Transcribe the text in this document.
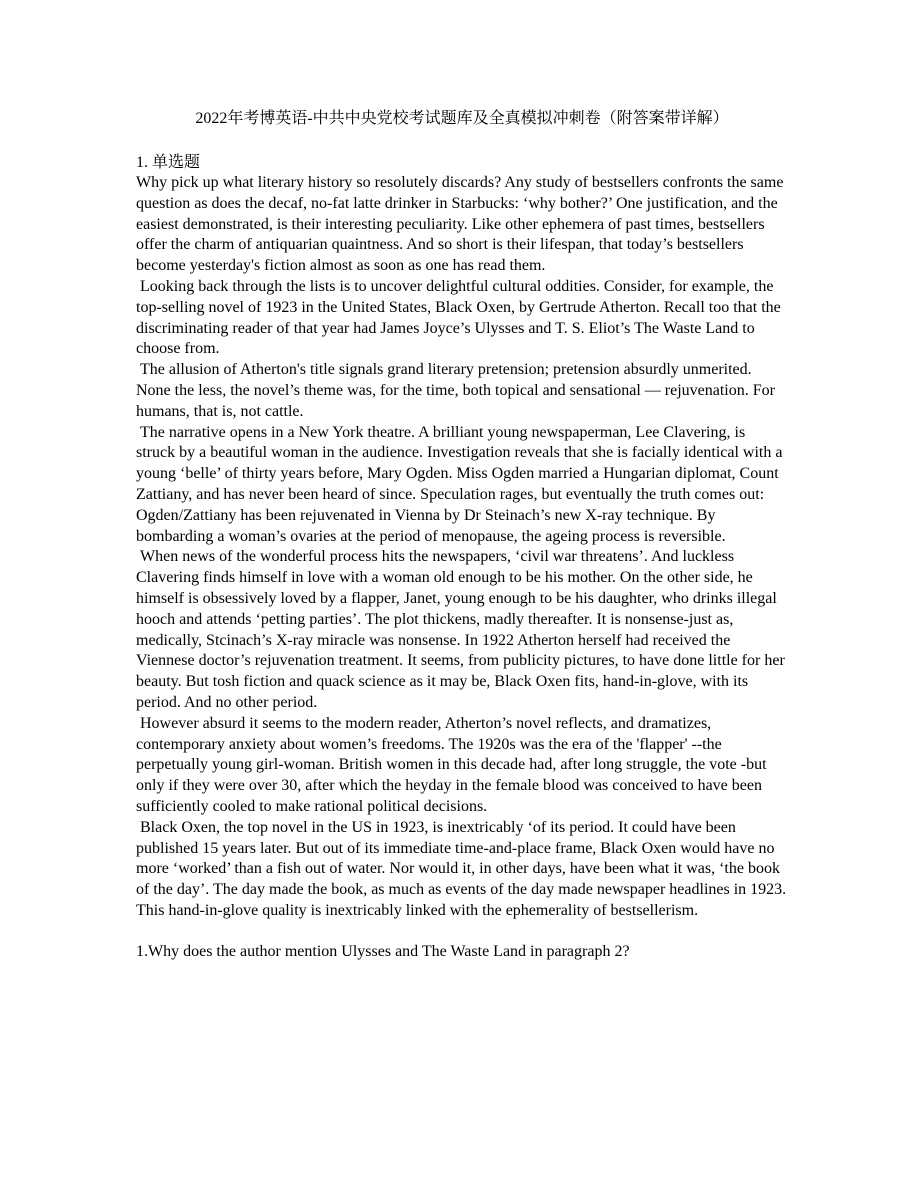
2022年考博英语-中共中央党校考试题库及全真模拟冲刺卷（附答案带详解）
1. 单选题

Why pick up what literary history so resolutely discards? Any study of bestsellers confronts the same question as does the decaf, no-fat latte drinker in Starbucks: ‘why bother?’ One justification, and the easiest demonstrated, is their interesting peculiarity. Like other ephemera of past times, bestsellers offer the charm of antiquarian quaintness. And so short is their lifespan, that today’s bestsellers become yesterday's fiction almost as soon as one has read them.

Looking back through the lists is to uncover delightful cultural oddities. Consider, for example, the top-selling novel of 1923 in the United States, Black Oxen, by Gertrude Atherton. Recall too that the discriminating reader of that year had James Joyce’s Ulysses and T. S. Eliot’s The Waste Land to choose from.

The allusion of Atherton's title signals grand literary pretension; pretension absurdly unmerited. None the less, the novel’s theme was, for the time, both topical and sensational — rejuvenation. For humans, that is, not cattle.

The narrative opens in a New York theatre. A brilliant young newspaperman, Lee Clavering, is struck by a beautiful woman in the audience. Investigation reveals that she is facially identical with a young ‘belle’ of thirty years before, Mary Ogden. Miss Ogden married a Hungarian diplomat, Count Zattiany, and has never been heard of since. Speculation rages, but eventually the truth comes out: Ogden/Zattiany has been rejuvenated in Vienna by Dr Steinach’s new X-ray technique. By bombarding a woman’s ovaries at the period of menopause, the ageing process is reversible.

When news of the wonderful process hits the newspapers, ‘civil war threatens’. And luckless Clavering finds himself in love with a woman old enough to be his mother. On the other side, he himself is obsessively loved by a flapper, Janet, young enough to be his daughter, who drinks illegal hooch and attends ‘petting parties’. The plot thickens, madly thereafter. It is nonsense-just as, medically, Stcinach’s X-ray miracle was nonsense. In 1922 Atherton herself had received the Viennese doctor’s rejuvenation treatment. It seems, from publicity pictures, to have done little for her beauty. But tosh fiction and quack science as it may be, Black Oxen fits, hand-in-glove, with its period. And no other period.

However absurd it seems to the modern reader, Atherton’s novel reflects, and dramatizes, contemporary anxiety about women’s freedoms. The 1920s was the era of the 'flapper' --the perpetually young girl-woman. British women in this decade had, after long struggle, the vote -but only if they were over 30, after which the heyday in the female blood was conceived to have been sufficiently cooled to make rational political decisions.

Black Oxen, the top novel in the US in 1923, is inextricably ‘of its period. It could have been published 15 years later. But out of its immediate time-and-place frame, Black Oxen would have no more ‘worked’ than a fish out of water. Nor would it, in other days, have been what it was, ‘the book of the day’. The day made the book, as much as events of the day made newspaper headlines in 1923. This hand-in-glove quality is inextricably linked with the ephemerality of bestsellerism.

1.Why does the author mention Ulysses and The Waste Land in paragraph 2?
